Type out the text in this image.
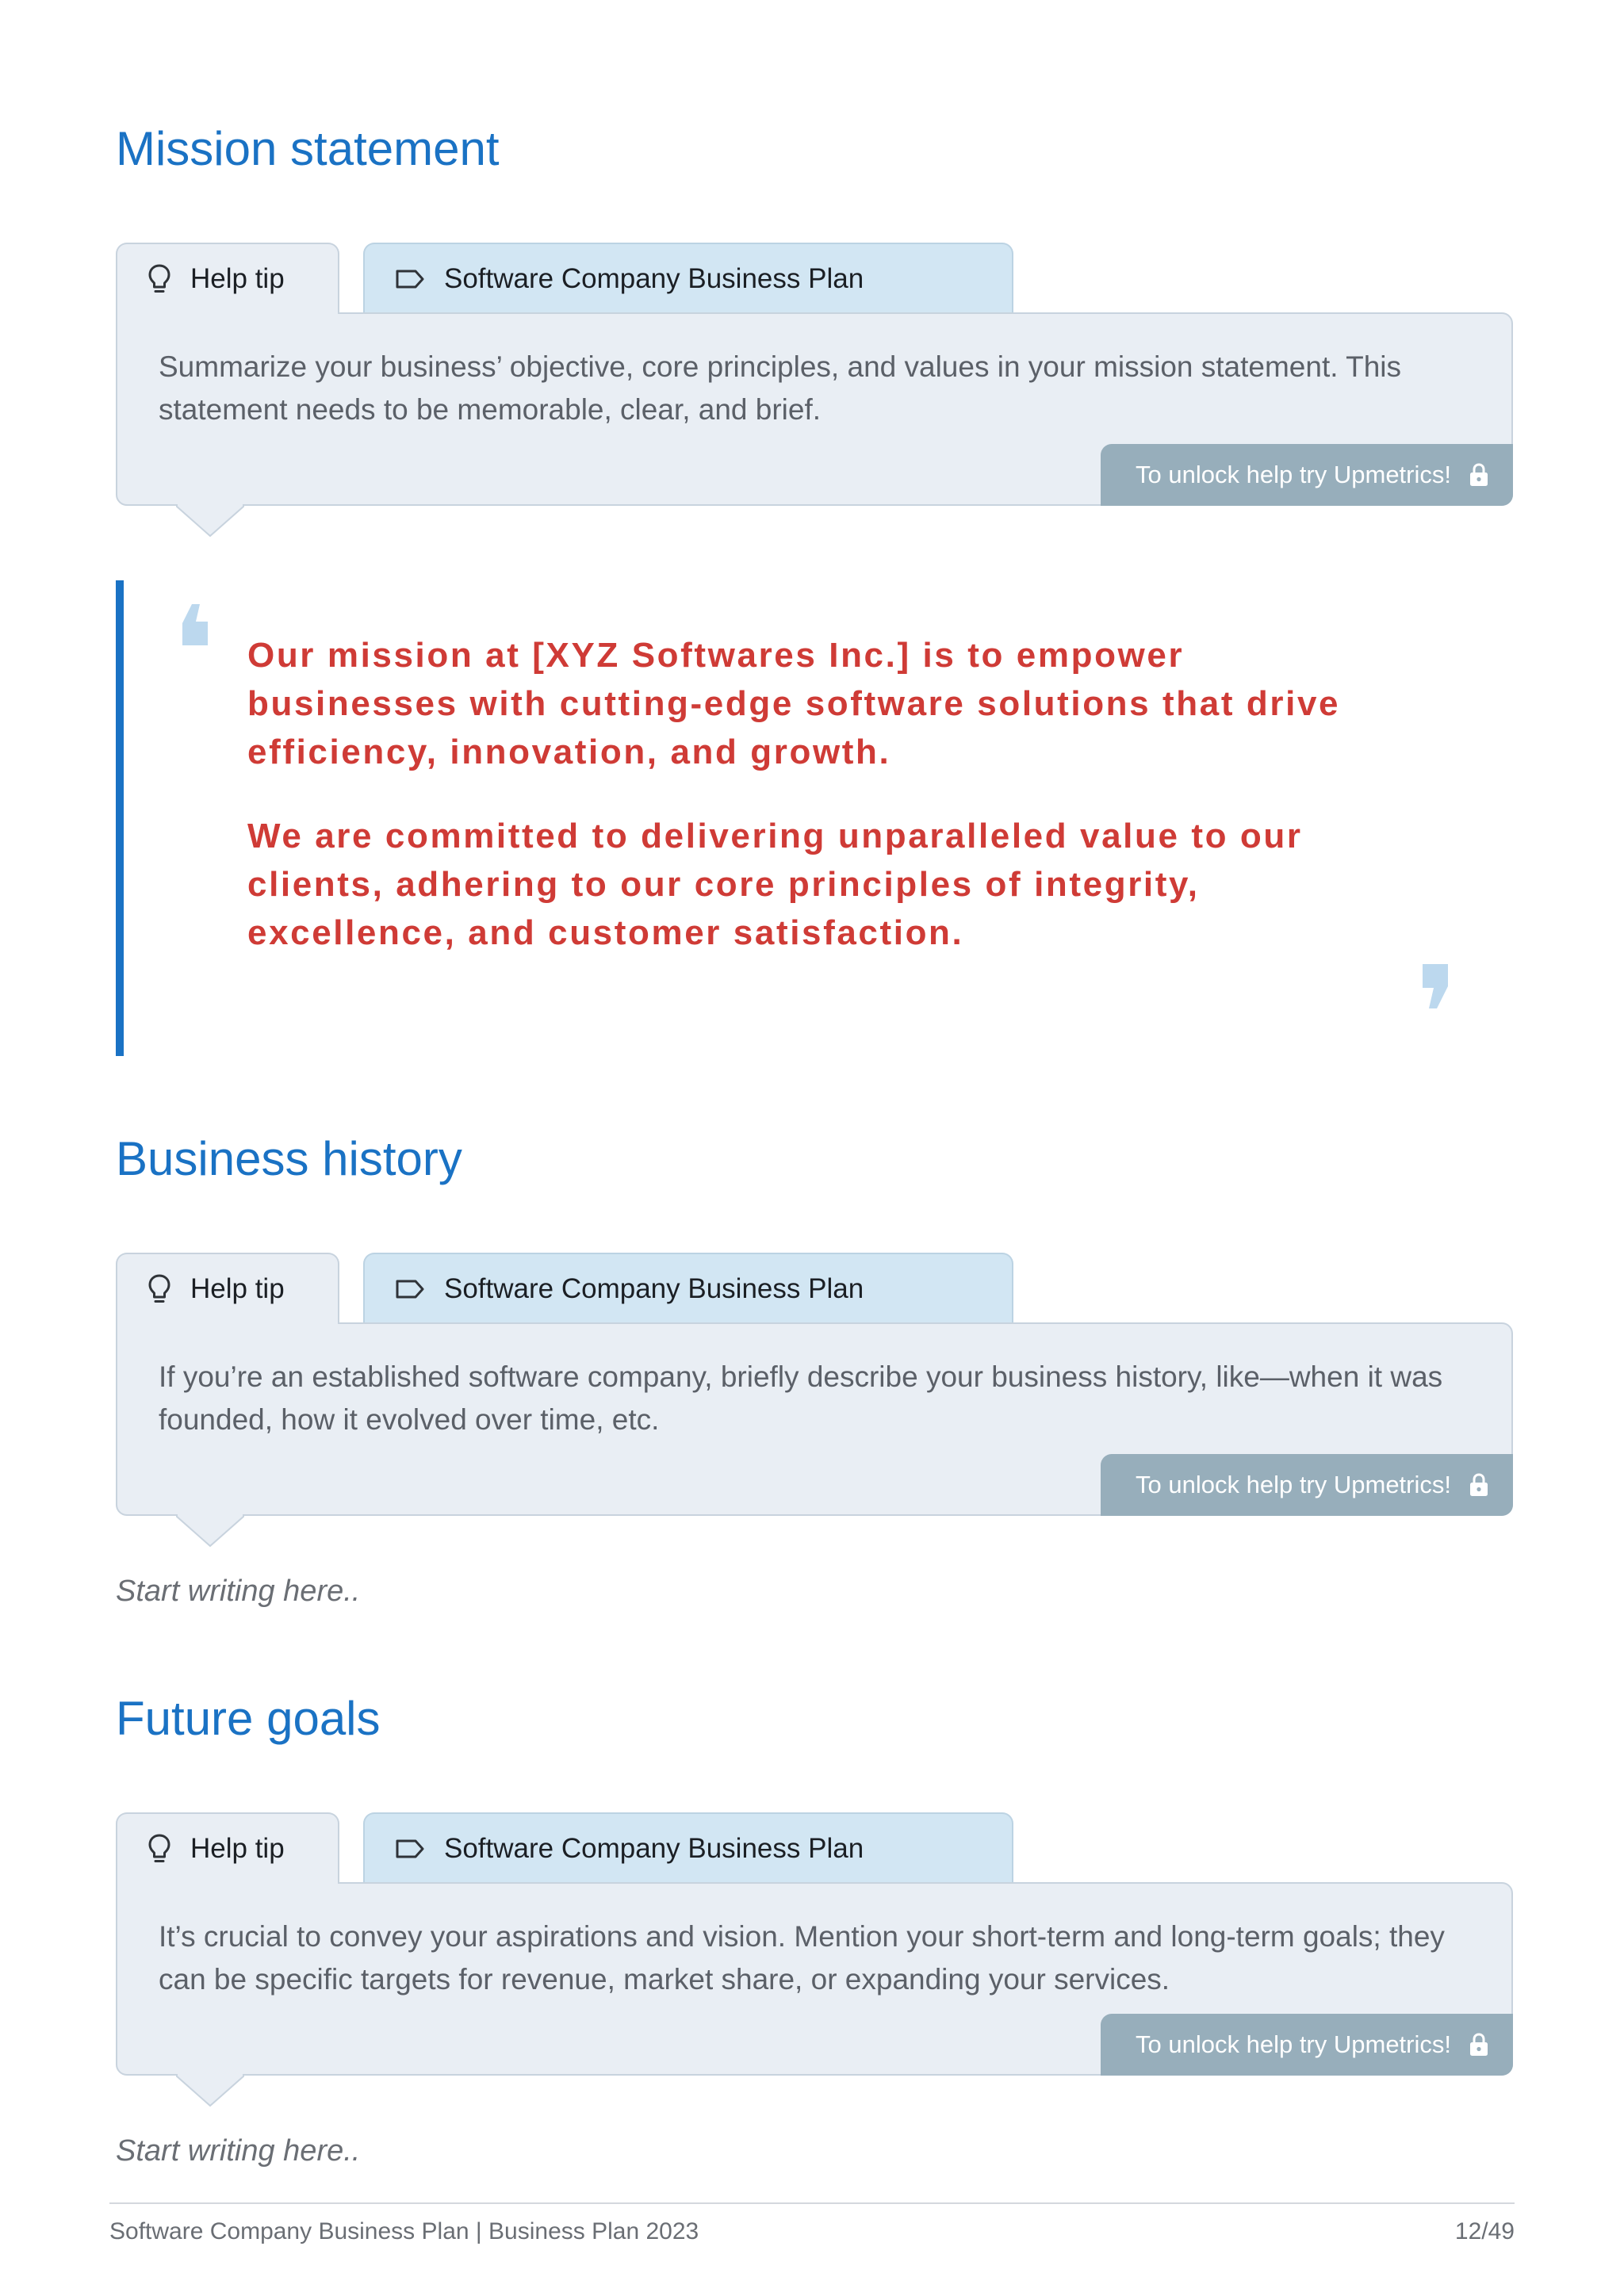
Mission statement
Help tip	Software Company Business Plan

Summarize your business’ objective, core principles, and values in your mission statement. This statement needs to be memorable, clear, and brief.

To unlock help try Upmetrics!

Our mission at [XYZ Softwares Inc.] is to empower businesses with cutting-edge software solutions that drive efficiency, innovation, and growth.

We are committed to delivering unparalleled value to our clients, adhering to our core principles of integrity, excellence, and customer satisfaction.

Business history
Help tip	Software Company Business Plan

If you’re an established software company, briefly describe your business history, like—when it was founded, how it evolved over time, etc.

To unlock help try Upmetrics!

Start writing here..

Future goals
Help tip	Software Company Business Plan

It’s crucial to convey your aspirations and vision. Mention your short-term and long-term goals; they can be specific targets for revenue, market share, or expanding your services.

To unlock help try Upmetrics!

Start writing here..

Software Company Business Plan | Business Plan 2023	12/49
